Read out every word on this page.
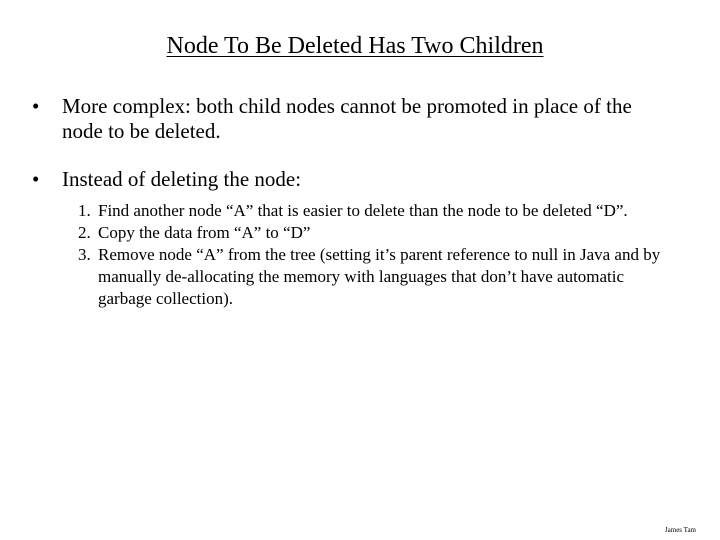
Node To Be Deleted Has Two Children
• More complex: both child nodes cannot be promoted in place of the node to be deleted.
• Instead of deleting the node:
1. Find another node “A” that is easier to delete than the node to be deleted “D”.
2. Copy the data from “A” to “D”
3. Remove node “A” from the tree (setting it’s parent reference to null in Java and by manually de-allocating the memory with languages that don’t have automatic garbage collection).
James Tam
